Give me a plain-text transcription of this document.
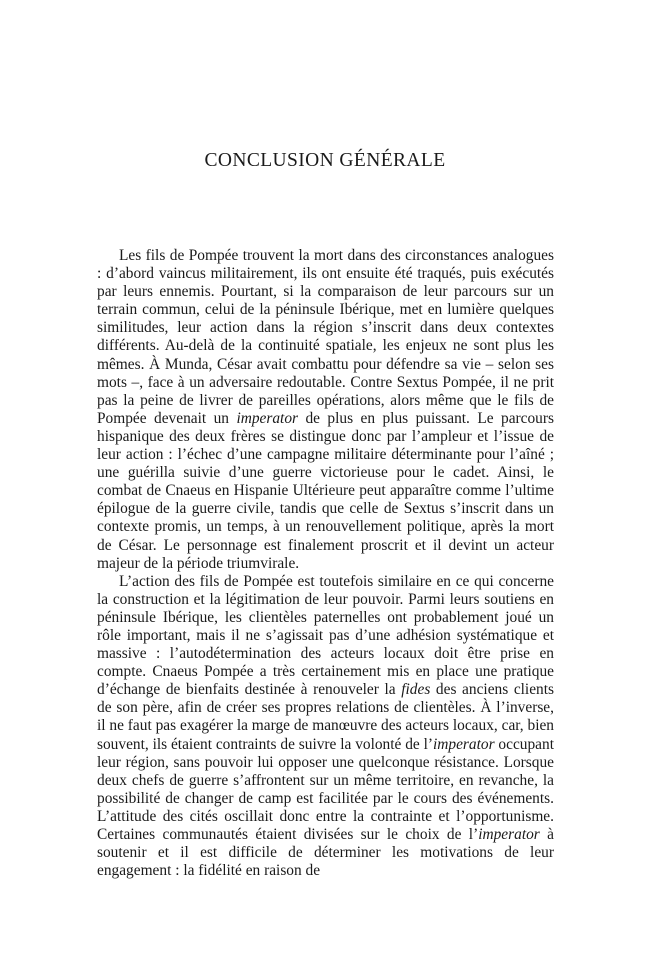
CONCLUSION GÉNÉRALE

Les fils de Pompée trouvent la mort dans des circonstances analogues : d’abord vaincus militairement, ils ont ensuite été traqués, puis exécutés par leurs ennemis. Pourtant, si la comparaison de leur parcours sur un terrain commun, celui de la péninsule Ibérique, met en lumière quelques similitudes, leur action dans la région s’inscrit dans deux contextes différents. Au-delà de la continuité spatiale, les enjeux ne sont plus les mêmes. À Munda, César avait combattu pour défendre sa vie – selon ses mots –, face à un adversaire redoutable. Contre Sextus Pompée, il ne prit pas la peine de livrer de pareilles opérations, alors même que le fils de Pompée devenait un imperator de plus en plus puissant. Le parcours hispanique des deux frères se distingue donc par l’ampleur et l’issue de leur action : l’échec d’une campagne militaire déterminante pour l’aîné ; une guérilla suivie d’une guerre victorieuse pour le cadet. Ainsi, le combat de Cnaeus en Hispanie Ultérieure peut apparaître comme l’ultime épilogue de la guerre civile, tandis que celle de Sextus s’inscrit dans un contexte promis, un temps, à un renouvellement politique, après la mort de César. Le personnage est finalement proscrit et il devint un acteur majeur de la période triumvirale.

L’action des fils de Pompée est toutefois similaire en ce qui concerne la construction et la légitimation de leur pouvoir. Parmi leurs soutiens en péninsule Ibérique, les clientèles paternelles ont probablement joué un rôle important, mais il ne s’agissait pas d’une adhésion systématique et massive : l’autodétermination des acteurs locaux doit être prise en compte. Cnaeus Pompée a très certainement mis en place une pratique d’échange de bienfaits destinée à renouveler la fides des anciens clients de son père, afin de créer ses propres relations de clientèles. À l’inverse, il ne faut pas exagérer la marge de manœuvre des acteurs locaux, car, bien souvent, ils étaient contraints de suivre la volonté de l’imperator occupant leur région, sans pouvoir lui opposer une quelconque résistance. Lorsque deux chefs de guerre s’affrontent sur un même territoire, en revanche, la possibilité de changer de camp est facilitée par le cours des événements. L’attitude des cités oscillait donc entre la contrainte et l’opportunisme. Certaines communautés étaient divisées sur le choix de l’imperator à soutenir et il est difficile de déterminer les motivations de leur engagement : la fidélité en raison de
